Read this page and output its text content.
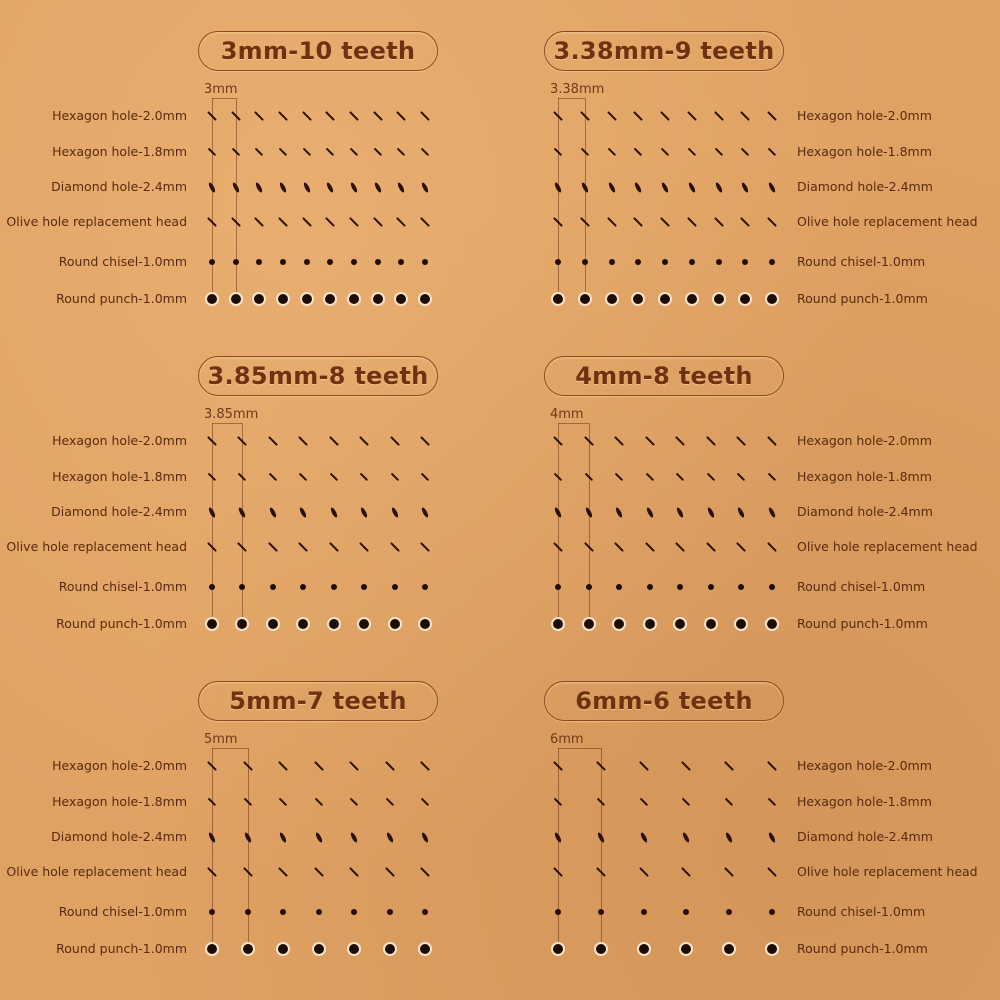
3mm-10 teeth
3mm
Hexagon hole-2.0mm
Hexagon hole-1.8mm
Diamond hole-2.4mm
Olive hole replacement head
Round chisel-1.0mm
Round punch-1.0mm
3.38mm-9 teeth
3.38mm
Hexagon hole-2.0mm
Hexagon hole-1.8mm
Diamond hole-2.4mm
Olive hole replacement head
Round chisel-1.0mm
Round punch-1.0mm
3.85mm-8 teeth
3.85mm
Hexagon hole-2.0mm
Hexagon hole-1.8mm
Diamond hole-2.4mm
Olive hole replacement head
Round chisel-1.0mm
Round punch-1.0mm
4mm-8 teeth
4mm
Hexagon hole-2.0mm
Hexagon hole-1.8mm
Diamond hole-2.4mm
Olive hole replacement head
Round chisel-1.0mm
Round punch-1.0mm
5mm-7 teeth
5mm
Hexagon hole-2.0mm
Hexagon hole-1.8mm
Diamond hole-2.4mm
Olive hole replacement head
Round chisel-1.0mm
Round punch-1.0mm
6mm-6 teeth
6mm
Hexagon hole-2.0mm
Hexagon hole-1.8mm
Diamond hole-2.4mm
Olive hole replacement head
Round chisel-1.0mm
Round punch-1.0mm
